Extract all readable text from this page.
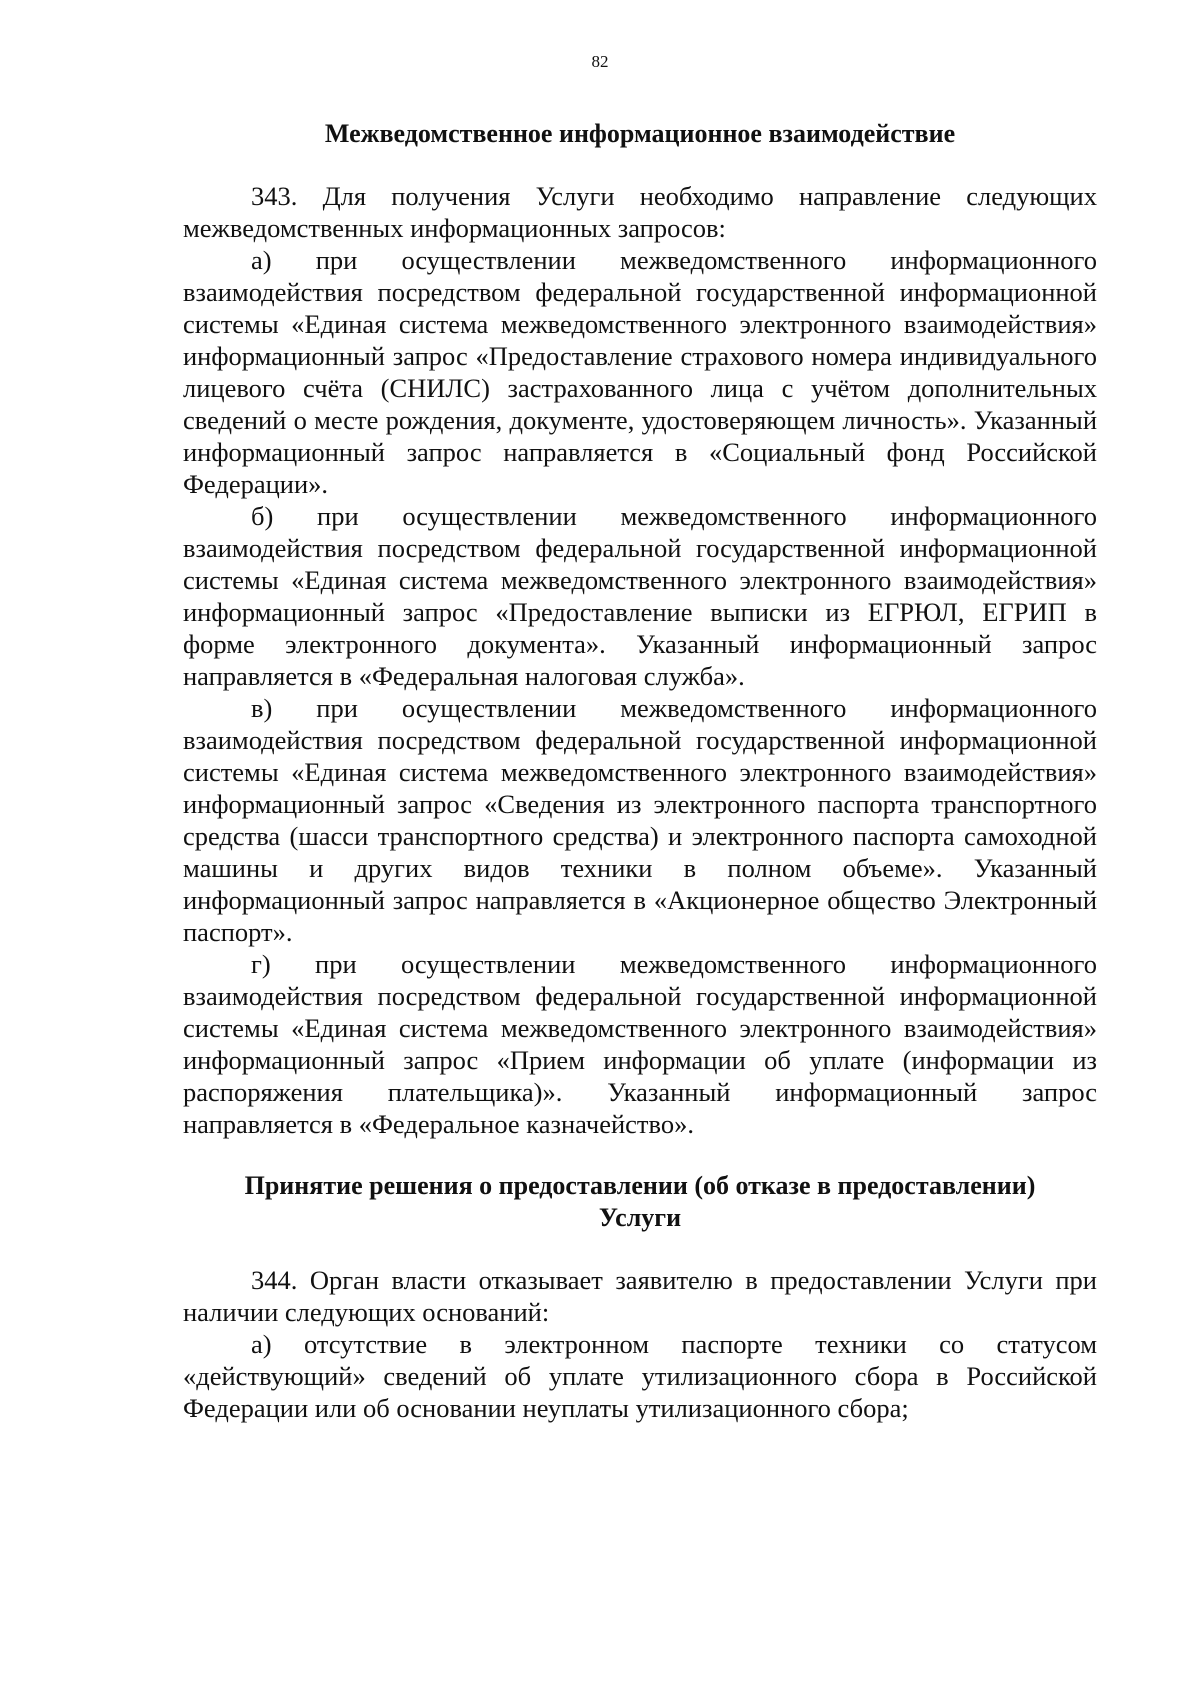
82
Межведомственное информационное взаимодействие

343. Для получения Услуги необходимо направление следующих межведомственных информационных запросов:

а) при осуществлении межведомственного информационного взаимодействия посредством федеральной государственной информационной системы «Единая система межведомственного электронного взаимодействия» информационный запрос «Предоставление страхового номера индивидуального лицевого счёта (СНИЛС) застрахованного лица с учётом дополнительных сведений о месте рождения, документе, удостоверяющем личность». Указанный информационный запрос направляется в «Социальный фонд Российской Федерации».

б) при осуществлении межведомственного информационного взаимодействия посредством федеральной государственной информационной системы «Единая система межведомственного электронного взаимодействия» информационный запрос «Предоставление выписки из ЕГРЮЛ, ЕГРИП в форме электронного документа». Указанный информационный запрос направляется в «Федеральная налоговая служба».

в) при осуществлении межведомственного информационного взаимодействия посредством федеральной государственной информационной системы «Единая система межведомственного электронного взаимодействия» информационный запрос «Сведения из электронного паспорта транспортного средства (шасси транспортного средства) и электронного паспорта самоходной машины и других видов техники в полном объеме». Указанный информационный запрос направляется в «Акционерное общество Электронный паспорт».

г) при осуществлении межведомственного информационного взаимодействия посредством федеральной государственной информационной системы «Единая система межведомственного электронного взаимодействия» информационный запрос «Прием информации об уплате (информации из распоряжения плательщика)». Указанный информационный запрос направляется в «Федеральное казначейство».

Принятие решения о предоставлении (об отказе в предоставлении)
Услуги

344. Орган власти отказывает заявителю в предоставлении Услуги при наличии следующих оснований:

а) отсутствие в электронном паспорте техники со статусом «действующий» сведений об уплате утилизационного сбора в Российской Федерации или об основании неуплаты утилизационного сбора;
